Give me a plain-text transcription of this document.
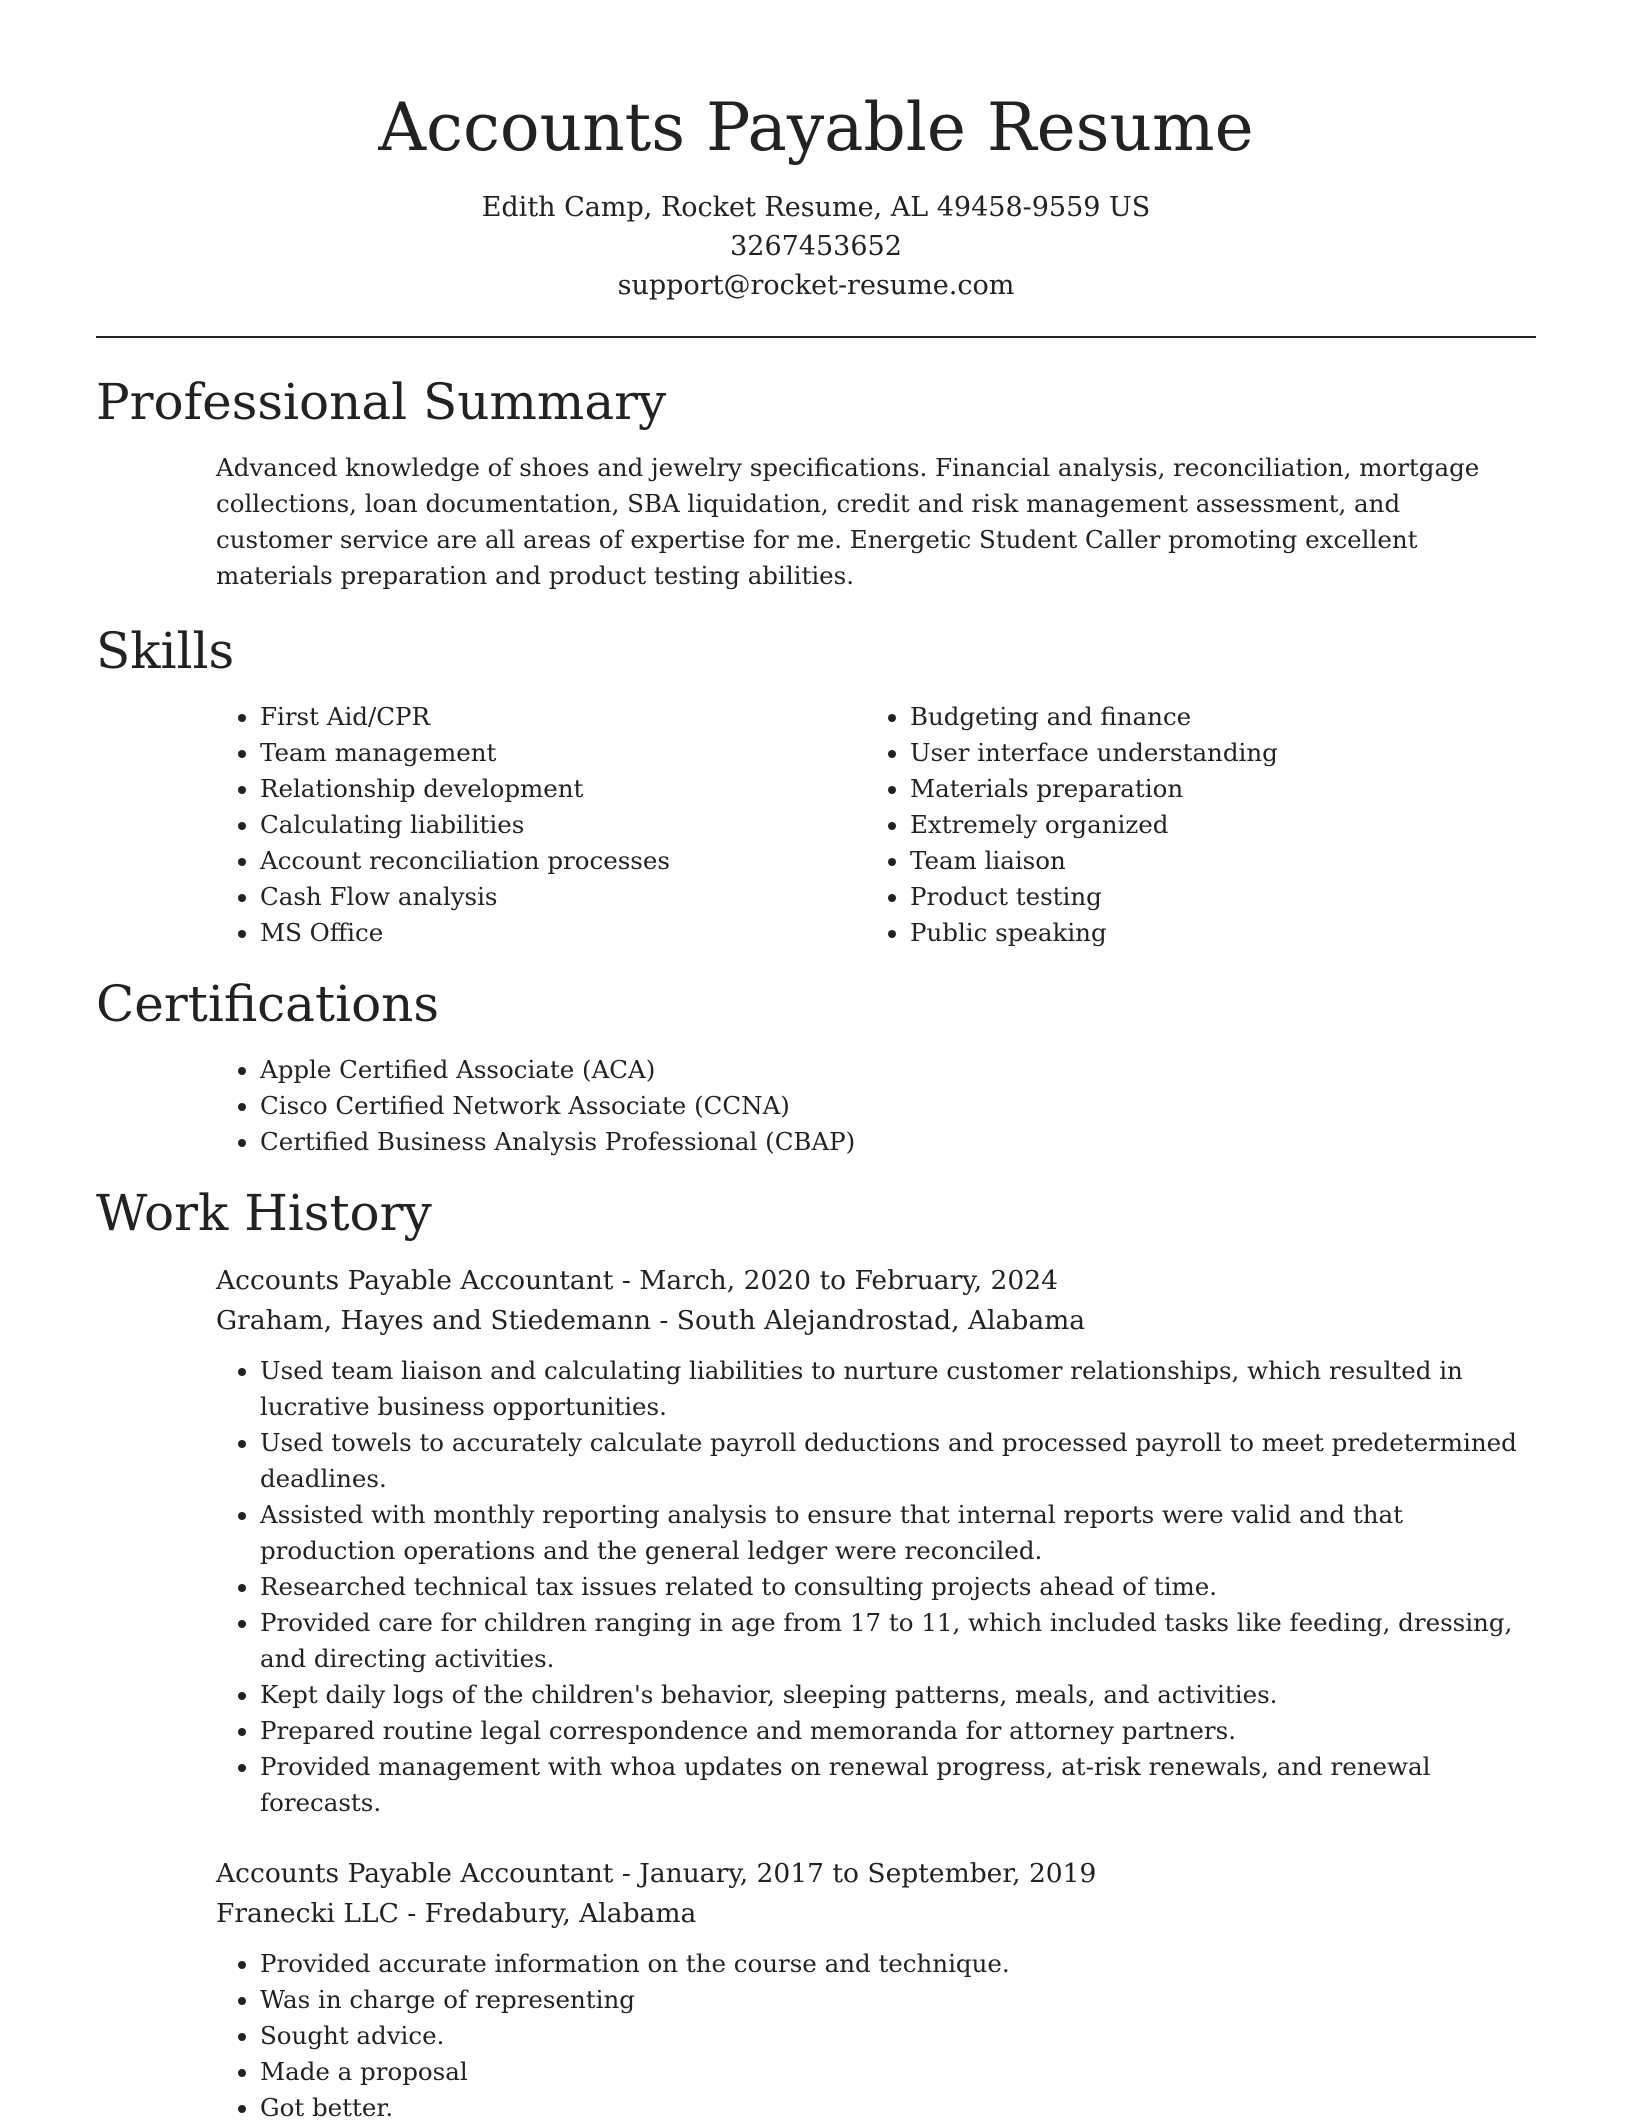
Accounts Payable Resume
Edith Camp, Rocket Resume, AL 49458-9559 US
3267453652
support@rocket-resume.com
Professional Summary
Advanced knowledge of shoes and jewelry specifications. Financial analysis, reconciliation, mortgage collections, loan documentation, SBA liquidation, credit and risk management assessment, and customer service are all areas of expertise for me. Energetic Student Caller promoting excellent materials preparation and product testing abilities.
Skills
• First Aid/CPR
• Team management
• Relationship development
• Calculating liabilities
• Account reconciliation processes
• Cash Flow analysis
• MS Office
• Budgeting and finance
• User interface understanding
• Materials preparation
• Extremely organized
• Team liaison
• Product testing
• Public speaking
Certifications
• Apple Certified Associate (ACA)
• Cisco Certified Network Associate (CCNA)
• Certified Business Analysis Professional (CBAP)
Work History
Accounts Payable Accountant - March, 2020 to February, 2024
Graham, Hayes and Stiedemann - South Alejandrostad, Alabama
• Used team liaison and calculating liabilities to nurture customer relationships, which resulted in lucrative business opportunities.
• Used towels to accurately calculate payroll deductions and processed payroll to meet predetermined deadlines.
• Assisted with monthly reporting analysis to ensure that internal reports were valid and that production operations and the general ledger were reconciled.
• Researched technical tax issues related to consulting projects ahead of time.
• Provided care for children ranging in age from 17 to 11, which included tasks like feeding, dressing, and directing activities.
• Kept daily logs of the children's behavior, sleeping patterns, meals, and activities.
• Prepared routine legal correspondence and memoranda for attorney partners.
• Provided management with whoa updates on renewal progress, at-risk renewals, and renewal forecasts.
Accounts Payable Accountant - January, 2017 to September, 2019
Franecki LLC - Fredabury, Alabama
• Provided accurate information on the course and technique.
• Was in charge of representing
• Sought advice.
• Made a proposal
• Got better.
